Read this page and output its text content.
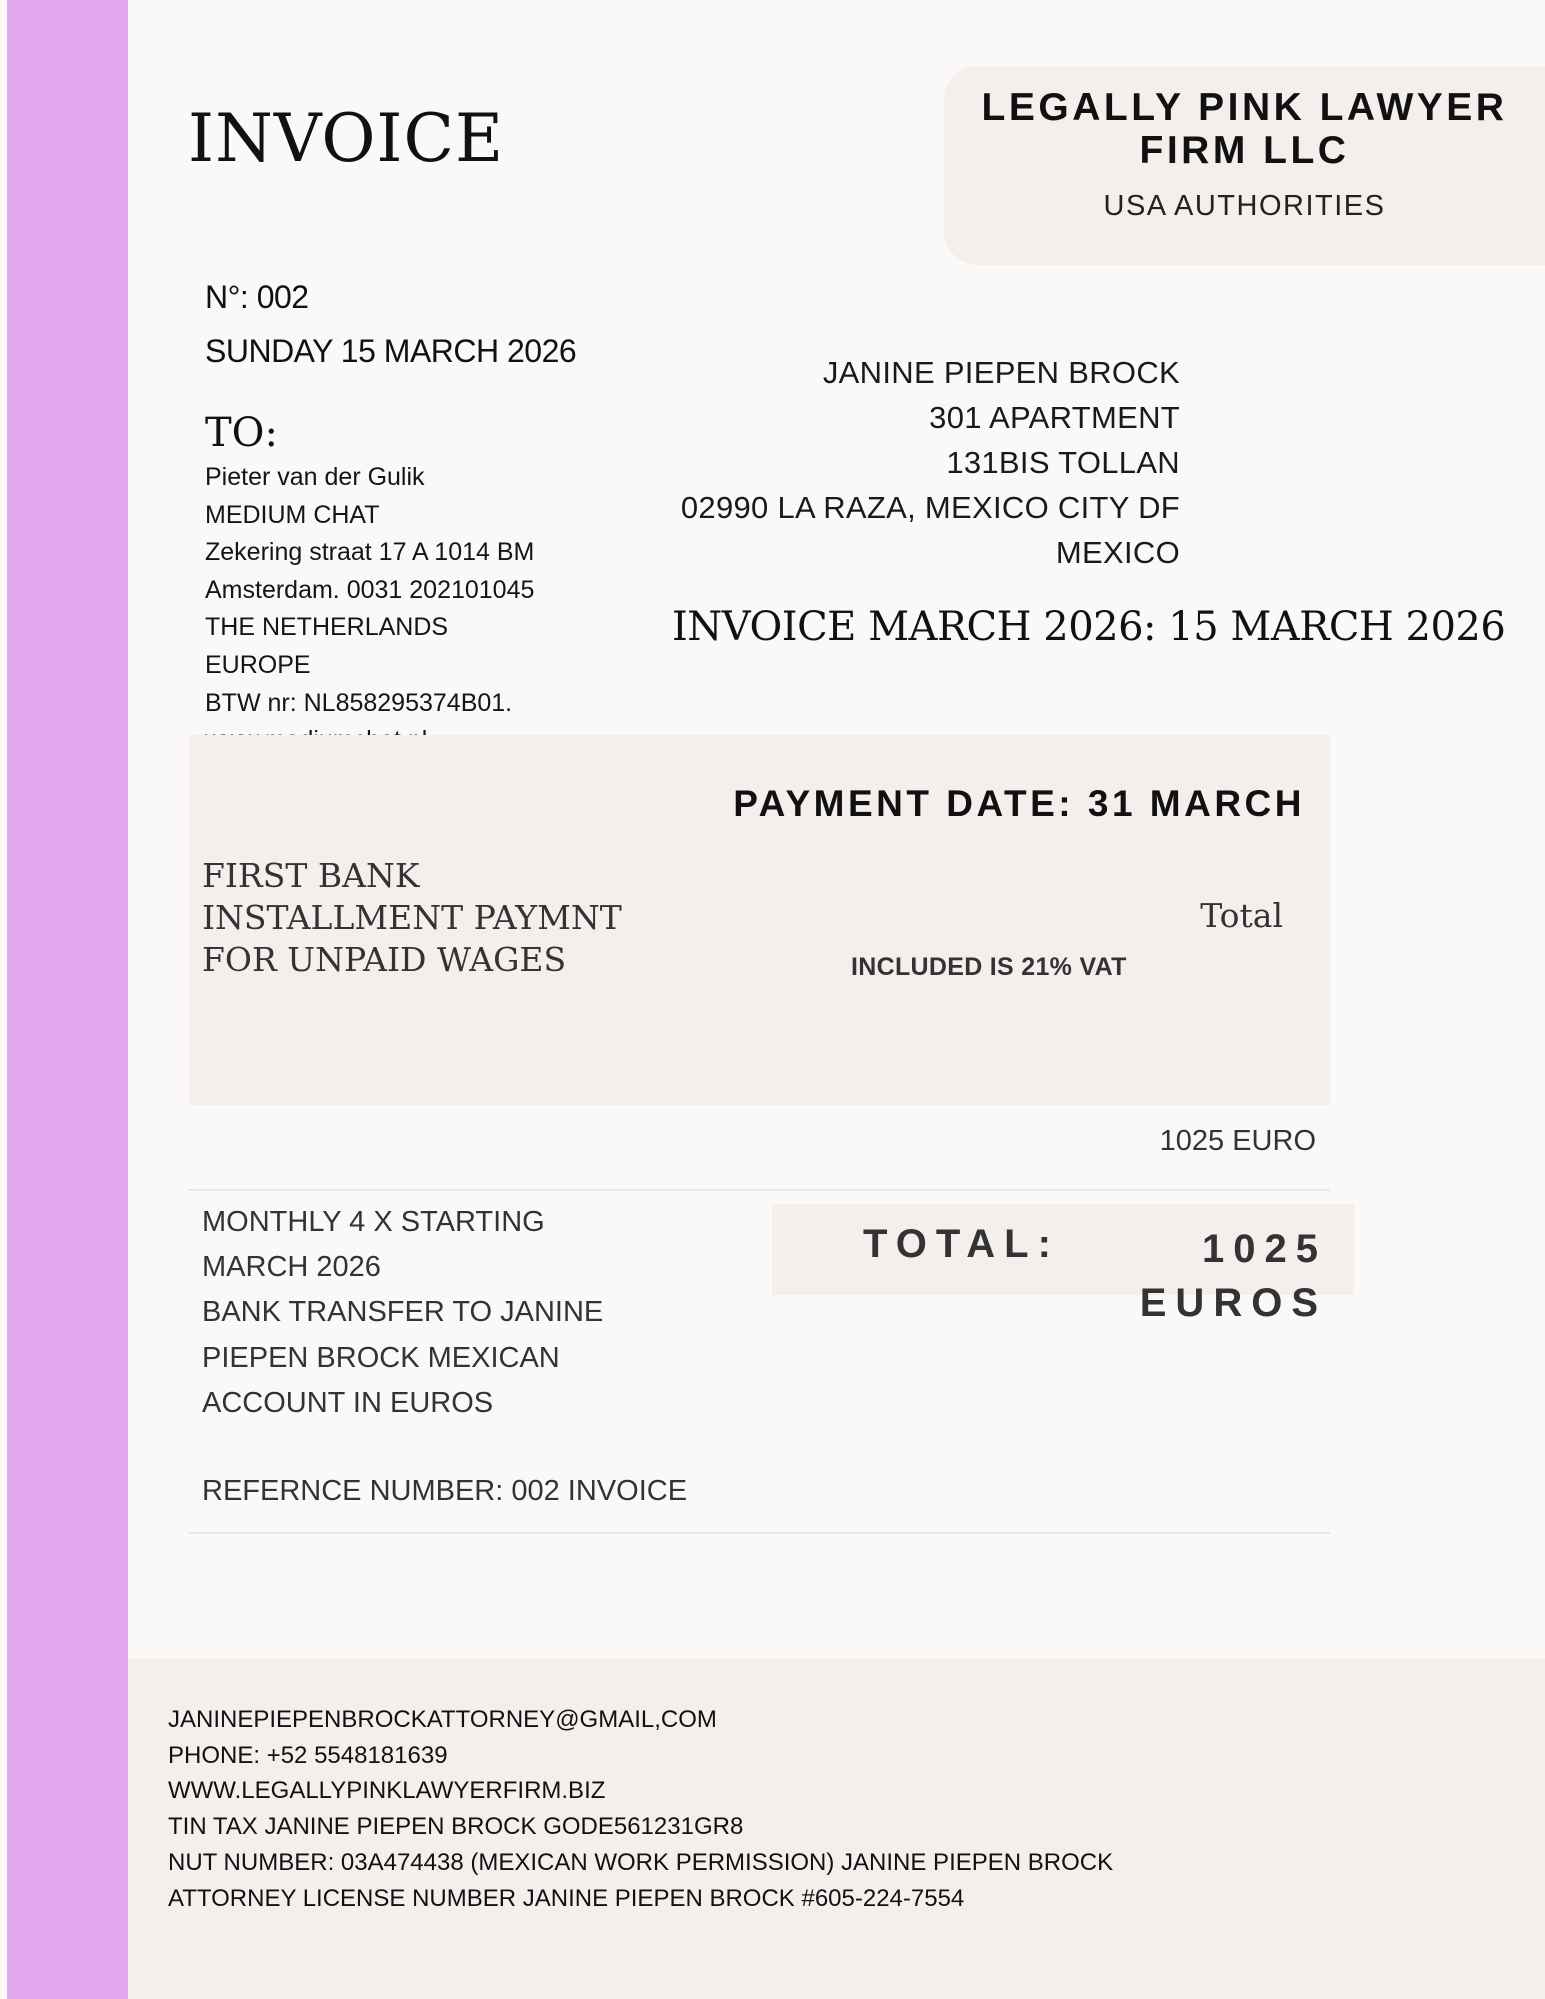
INVOICE	LEGALLY PINK LAWYER
FIRM LLC
USA AUTHORITIES
N°: 002
SUNDAY 15 MARCH 2026
TO:
Pieter van der Gulik
MEDIUM CHAT
Zekering straat 17 A 1014 BM
Amsterdam. 0031 202101045
THE NETHERLANDS
EUROPE
BTW nr: NL858295374B01.
JANINE PIEPEN BROCK
301 APARTMENT
131BIS TOLLAN
02990 LA RAZA, MEXICO CITY DF
MEXICO
INVOICE MARCH 2026: 15 MARCH 2026
PAYMENT DATE: 31 MARCH
FIRST BANK
INSTALLMENT PAYMNT
FOR UNPAID WAGES
Total
INCLUDED IS 21% VAT
1025 EURO
MONTHLY 4 X STARTING
MARCH 2026
BANK TRANSFER TO JANINE
PIEPEN BROCK MEXICAN
ACCOUNT IN EUROS
TOTAL:	1025
EUROS
REFERNCE NUMBER: 002 INVOICE
JANINEPIEPENBROCKATTORNEY@GMAIL,COM
PHONE: +52 5548181639
WWW.LEGALLYPINKLAWYERFIRM.BIZ
TIN TAX JANINE PIEPEN BROCK GODE561231GR8
NUT NUMBER: 03A474438 (MEXICAN WORK PERMISSION) JANINE PIEPEN BROCK
ATTORNEY LICENSE NUMBER JANINE PIEPEN BROCK #605-224-7554
